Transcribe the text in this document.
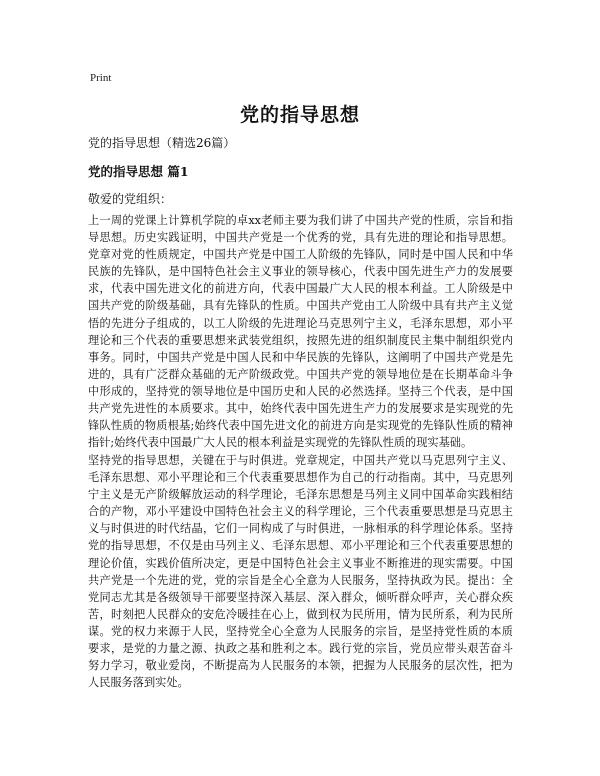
Print
党的指导思想

党的指导思想（精选26篇）

党的指导思想 篇1

敬爱的党组织：

上一周的党课上计算机学院的卓xx老师主要为我们讲了中国共产党的性质，宗旨和指导思想。历史实践证明，中国共产党是一个优秀的党，具有先进的理论和指导思想。党章对党的性质规定，中国共产党是中国工人阶级的先锋队，同时是中国人民和中华民族的先锋队，是中国特色社会主义事业的领导核心，代表中国先进生产力的发展要求，代表中国先进文化的前进方向，代表中国最广大人民的根本利益。工人阶级是中国共产党的阶级基础，具有先锋队的性质。中国共产党由工人阶级中具有共产主义觉悟的先进分子组成的，以工人阶级的先进理论马克思列宁主义，毛泽东思想，邓小平理论和三个代表的重要思想来武装党组织，按照先进的组织制度民主集中制组织党内事务。同时，中国共产党是中国人民和中华民族的先锋队，这阐明了中国共产党是先进的，具有广泛群众基础的无产阶级政党。中国共产党的领导地位是在长期革命斗争中形成的，坚持党的领导地位是中国历史和人民的必然选择。坚持三个代表，是中国共产党先进性的本质要求。其中，始终代表中国先进生产力的发展要求是实现党的先锋队性质的物质根基;始终代表中国先进文化的前进方向是实现党的先锋队性质的精神指针;始终代表中国最广大人民的根本利益是实现党的先锋队性质的现实基础。

坚持党的指导思想，关键在于与时俱进。党章规定，中国共产党以马克思列宁主义、毛泽东思想、邓小平理论和三个代表重要思想作为自己的行动指南。其中，马克思列宁主义是无产阶级解放运动的科学理论，毛泽东思想是马列主义同中国革命实践相结合的产物，邓小平建设中国特色社会主义的科学理论，三个代表重要思想是马克思主义与时俱进的时代结晶，它们一同构成了与时俱进，一脉相承的科学理论体系。坚持党的指导思想，不仅是由马列主义、毛泽东思想、邓小平理论和三个代表重要思想的理论价值，实践价值所决定，更是中国特色社会主义事业不断推进的现实需要。中国共产党是一个先进的党，党的宗旨是全心全意为人民服务，坚持执政为民。提出：全党同志尤其是各级领导干部要坚持深入基层、深入群众，倾听群众呼声，关心群众疾苦，时刻把人民群众的安危冷暖挂在心上，做到权为民所用，情为民所系，利为民所谋。党的权力来源于人民，坚持党全心全意为人民服务的宗旨，是坚持党性质的本质要求，是党的力量之源、执政之基和胜利之本。践行党的宗旨，党员应带头艰苦奋斗努力学习，敬业爱岗，不断提高为人民服务的本领，把握为人民服务的层次性，把为人民服务落到实处。
